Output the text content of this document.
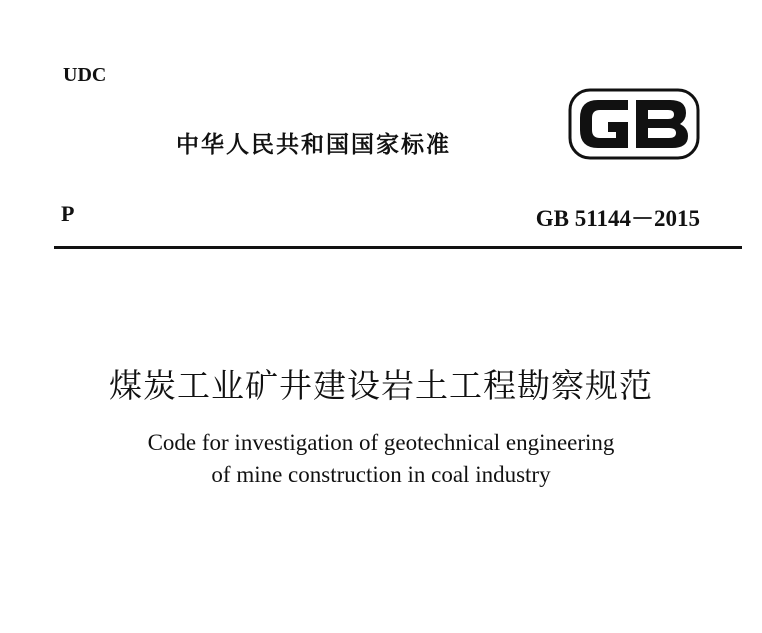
UDC
中华人民共和国国家标准
GB
P	GB 51144－2015
煤炭工业矿井建设岩土工程勘察规范
Code for investigation of geotechnical engineering
of mine construction in coal industry
